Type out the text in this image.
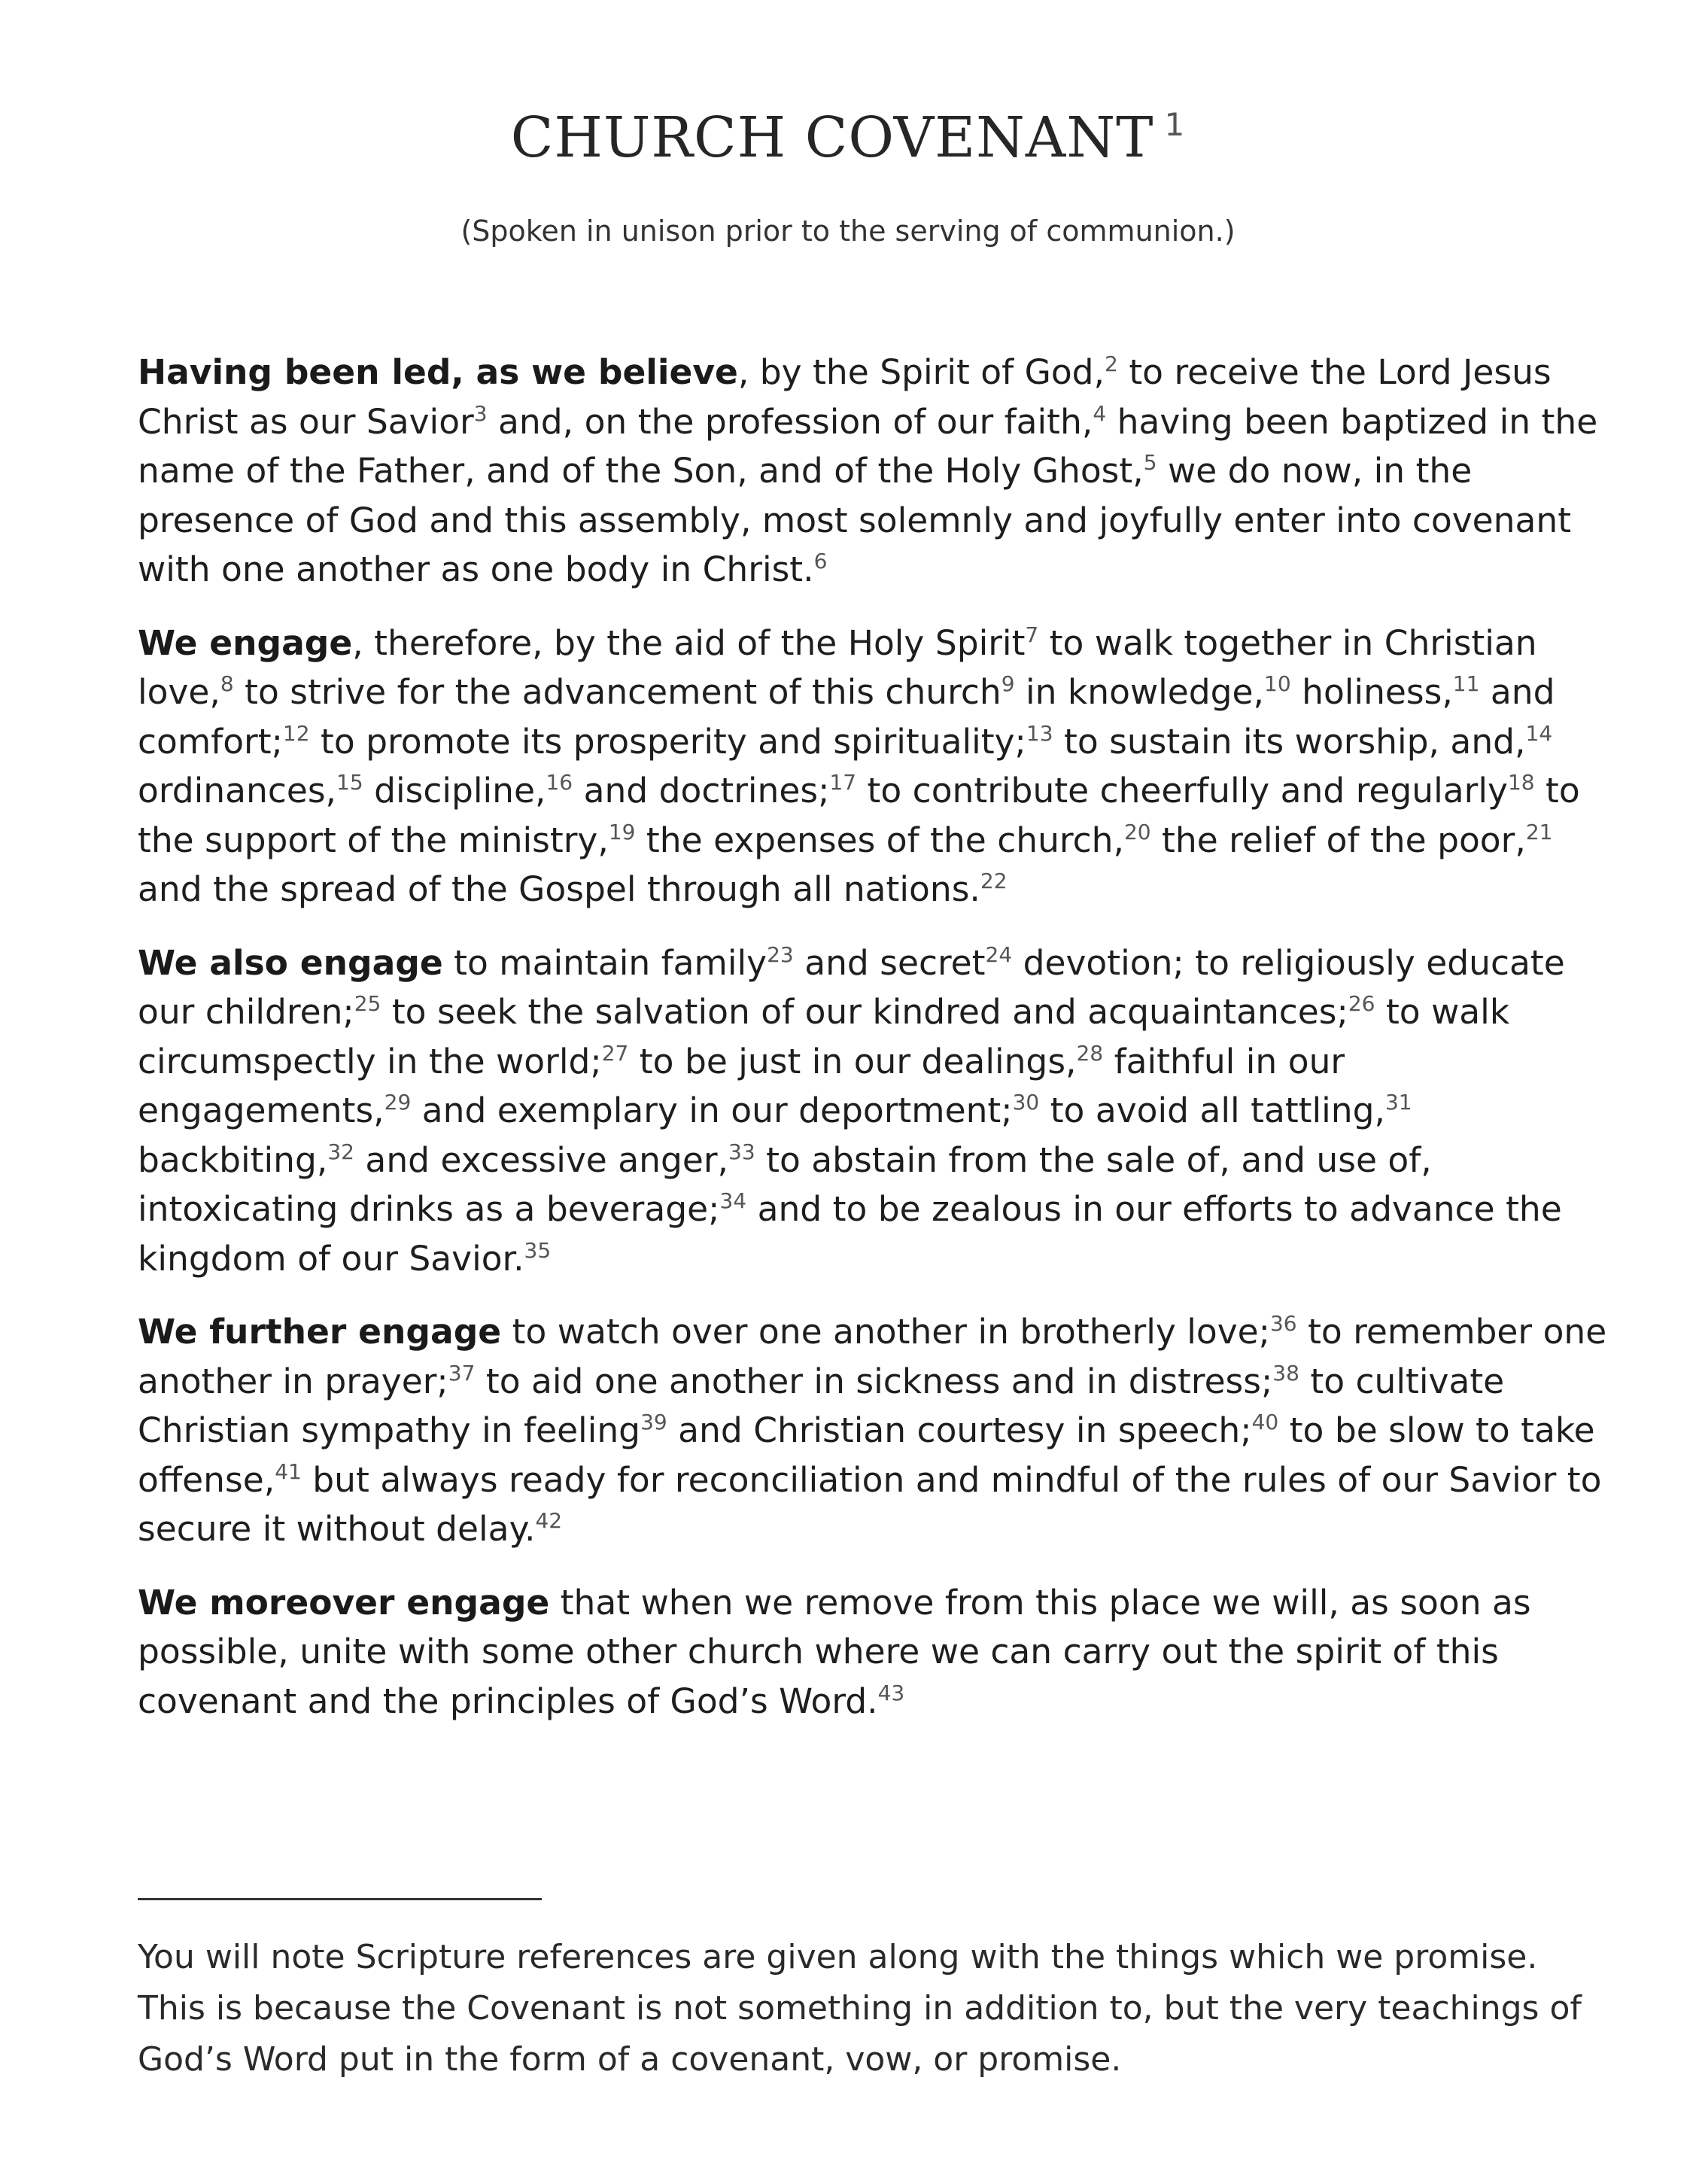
CHURCH COVENANT $^1$

(Spoken in unison prior to the serving of communion.)

Having been led, as we believe, by the Spirit of God,$^2$ to receive the Lord Jesus Christ as our Savior$^3$ and, on the profession of our faith,$^4$ having been baptized in the name of the Father, and of the Son, and of the Holy Ghost,$^5$ we do now, in the presence of God and this assembly, most solemnly and joyfully enter into covenant with one another as one body in Christ.$^6$

We engage, therefore, by the aid of the Holy Spirit$^7$ to walk together in Christian love,$^8$ to strive for the advancement of this church$^9$ in knowledge,$^{10}$ holiness,$^{11}$ and comfort;$^{12}$ to promote its prosperity and spirituality;$^{13}$ to sustain its worship, and,$^{14}$ ordinances,$^{15}$ discipline,$^{16}$ and doctrines;$^{17}$ to contribute cheerfully and regularly$^{18}$ to the support of the ministry,$^{19}$ the expenses of the church,$^{20}$ the relief of the poor,$^{21}$ and the spread of the Gospel through all nations.$^{22}$

We also engage to maintain family$^{23}$ and secret$^{24}$ devotion; to religiously educate our children;$^{25}$ to seek the salvation of our kindred and acquaintances;$^{26}$ to walk circumspectly in the world;$^{27}$ to be just in our dealings,$^{28}$ faithful in our engagements,$^{29}$ and exemplary in our deportment;$^{30}$ to avoid all tattling,$^{31}$ backbiting,$^{32}$ and excessive anger,$^{33}$ to abstain from the sale of, and use of, intoxicating drinks as a beverage;$^{34}$ and to be zealous in our efforts to advance the kingdom of our Savior.$^{35}$

We further engage to watch over one another in brotherly love;$^{36}$ to remember one another in prayer;$^{37}$ to aid one another in sickness and in distress;$^{38}$ to cultivate Christian sympathy in feeling$^{39}$ and Christian courtesy in speech;$^{40}$ to be slow to take offense,$^{41}$ but always ready for reconciliation and mindful of the rules of our Savior to secure it without delay.$^{42}$

We moreover engage that when we remove from this place we will, as soon as possible, unite with some other church where we can carry out the spirit of this covenant and the principles of God’s Word.$^{43}$

You will note Scripture references are given along with the things which we promise. This is because the Covenant is not something in addition to, but the very teachings of God’s Word put in the form of a covenant, vow, or promise.
